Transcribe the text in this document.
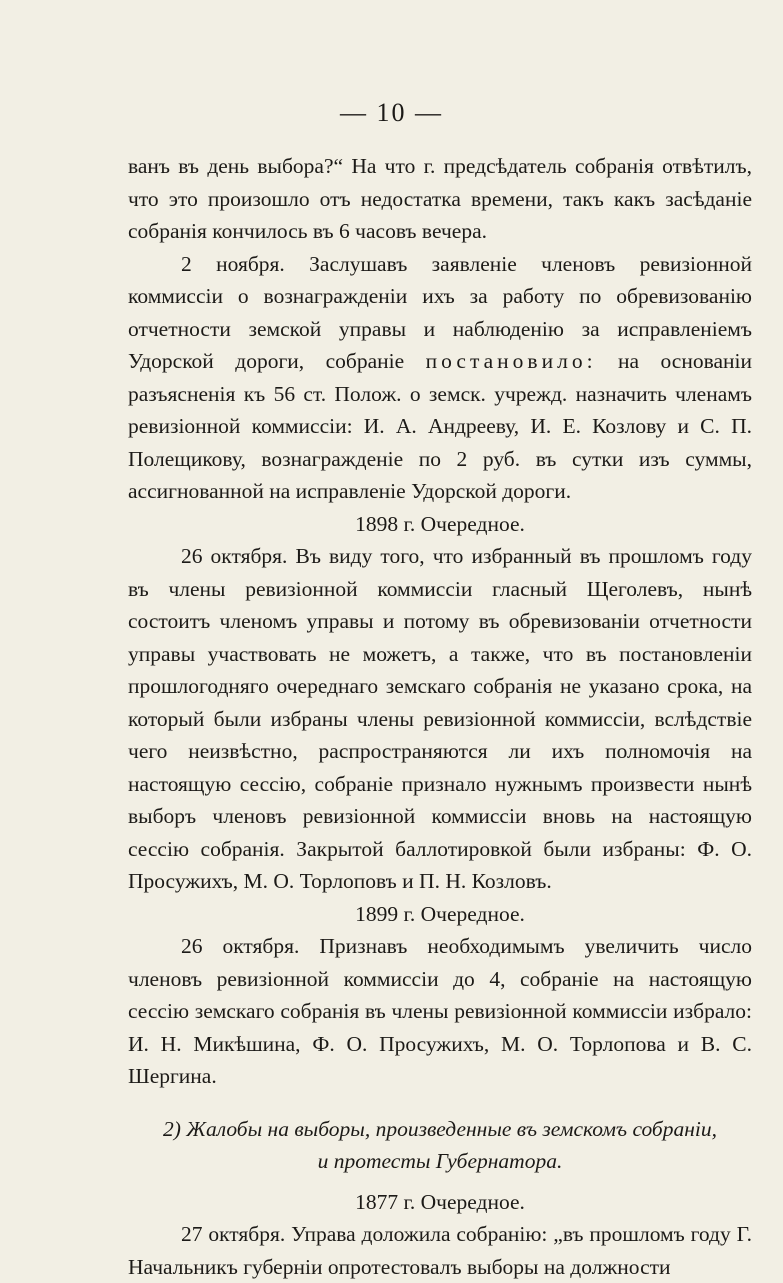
— 10 —

ванъ въ день выбора?“ На что г. предсѣдатель собранія отвѣтилъ, что это произошло отъ недостатка времени, такъ какъ засѣданіе собранія кончилось въ 6 часовъ вечера.

2 ноября. Заслушавъ заявленіе членовъ ревизіонной коммиссіи о вознагражденіи ихъ за работу по обревизованію отчетности земской управы и наблюденію за исправленіемъ Удорской дороги, собраніе постановило: на основаніи разъясненія къ 56 ст. Полож. о земск. учрежд. назначить членамъ ревизіонной коммиссіи: И. А. Андрееву, И. Е. Козлову и С. П. Полещикову, вознагражденіе по 2 руб. въ сутки изъ суммы, ассигнованной на исправленіе Удорской дороги.

1898 г. Очередное.

26 октября. Въ виду того, что избранный въ прошломъ году въ члены ревизіонной коммиссіи гласный Щеголевъ, нынѣ состоитъ членомъ управы и потому въ обревизованіи отчетности управы участвовать не можетъ, а также, что въ постановленіи прошлогодняго очереднаго земскаго собранія не указано срока, на который были избраны члены ревизіонной коммиссіи, вслѣдствіе чего неизвѣстно, распространяются ли ихъ полномочія на настоящую сессію, собраніе признало нужнымъ произвести нынѣ выборъ членовъ ревизіонной коммиссіи вновь на настоящую сессію собранія. Закрытой баллотировкой были избраны: Ф. О. Просужихъ, М. О. Торлоповъ и П. Н. Козловъ.

1899 г. Очередное.

26 октября. Признавъ необходимымъ увеличить число членовъ ревизіонной коммиссіи до 4, собраніе на настоящую сессію земскаго собранія въ члены ревизіонной коммиссіи избрало: И. Н. Микѣшина, Ф. О. Просужихъ, М. О. Торлопова и В. С. Шергина.

2) Жалобы на выборы, произведенные въ земскомъ собраніи,

и протесты Губернатора.

1877 г. Очередное.

27 октября. Управа доложила собранію: „въ прошломъ году Г. Начальникъ губерніи опротестовалъ выборы на должности
